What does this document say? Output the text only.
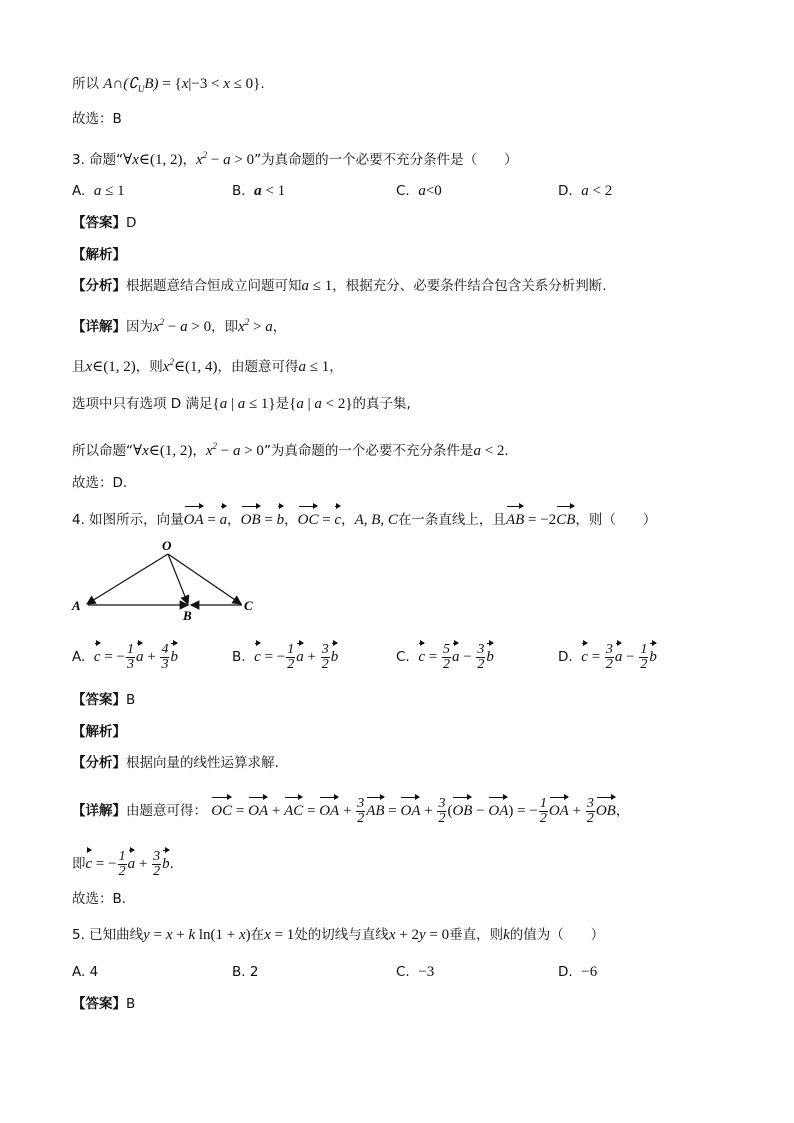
所以 $A\cap(∁_UB) = \{x|-3 < x \le 0\}$.
故选：B
3. 命题“∀x∈(1, 2)，$x^2 - a > 0$”为真命题的一个必要不充分条件是（　　）
A. a ≤ 1	B. a < 1	C. a<0	D. a < 2
【答案】D
【解析】
【分析】根据题意结合恒成立问题可知a ≤ 1，根据充分、必要条件结合包含关系分析判断.
【详解】因为$x^2 - a > 0$，即$x^2 > a$，
且x∈(1, 2)，则$x^2\in(1$, 4)，由题意可得a ≤ 1，
选项中只有选项 D 满足{a | a ≤ 1}是{a | a < 2}的真子集,
所以命题“∀x∈(1, 2)，$x^2 - a > 0$”为真命题的一个必要不充分条件是a < 2.
故选：D.
4. 如图所示，向量OA = a，OB = b，OC = c，A, B, C在一条直线上，且AB = −2CB，则（　　）
O
A
B
C
A. c = − $\frac{1}{3}$ $a + \frac{4}{3}$ b	B. c = − $\frac{1}{2}$ $a + \frac{3}{2}$ b	C. $c = \frac{5}{2}$ $a - \frac{3}{2}$ b	D. $c = \frac{3}{2}$ $a - \frac{1}{2}$ b
【答案】B
【解析】
【分析】根据向量的线性运算求解.
【详解】由题意可得： OC = OA + AC = OA + $\frac{3}{2}$ AB = OA + $\frac{3}{2} (OB - OA)$ = − $\frac{1}{2}$ OA + $\frac{3}{2}$ OB，
即c = − $\frac{1}{2}$ $a + \frac{3}{2} b$.
故选：B.
5. 已知曲线y = x + k ln(1 + x)在x = 1处的切线与直线x + 2y = 0垂直，则k的值为（　　）
A. 4	B. 2	C. −3	D. −6
【答案】B
